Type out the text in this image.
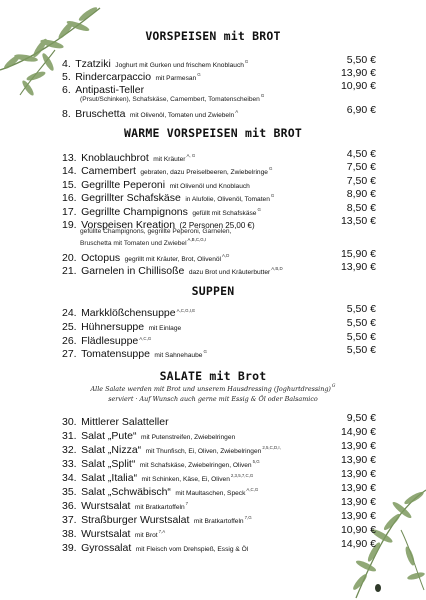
VORSPEISEN mit BROT
4. Tzatziki Joghurt mit Gurken und frischem Knoblauch$^G$	5,50 €
5. Rindercarpaccio mit Parmesan$^G$	13,90 €
6. Antipasti-Teller	10,90 €
(Prsut/Schinken), Schafskäse, Camembert, Tomatenscheiben$^G$
8. Bruschetta mit Olivenöl, Tomaten und Zwiebeln$^A$	6,90 €
WARME VORSPEISEN mit BROT
13. Knoblauchbrot mit Kräuter$^{A, G}$	4,50 €
14. Camembert gebraten, dazu Preiselbeeren, Zwiebelringe$^G$	7,50 €
15. Gegrillte Peperoni mit Olivenöl und Knoblauch	7,50 €
16. Gegrillter Schafskäse in Alufolie, Olivenöl, Tomaten$^G$	8,90 €
17. Gegrillte Champignons gefüllt mit Schafskäse$^G$	8,50 €
19. Vorspeisen Kreation (2 Personen 25,00 €)	13,50 €
gefüllte Champignons, gegrillte Peperoni, Garnelen,
Bruschetta mit Tomaten und Zwiebel$^{A,B,C,G,I}$
20. Octopus gegrillt mit Kräuter, Brot, Olivenöl$^{A,D}$	15,90 €
21. Garnelen in Chillisoße dazu Brot und Kräuterbutter$^{A,B,D}$	13,90 €
SUPPEN
24. Markklößchensuppe$^{A,C,G,I,E}$	5,50 €
25. Hühnersuppe mit Einlage	5,50 €
26. Flädlesuppe$^{A,C,G}$	5,50 €
27. Tomatensuppe mit Sahnehaube$^G$	5,50 €
SALATE mit Brot
Alle Salate werden mit Brot und unserem Hausdressing (Joghurtdressing)$^G$
serviert · Auf Wunsch auch gerne mit Essig & Öl oder Balsamico
30. Mittlerer Salatteller	9,50 €
31. Salat „Pute“ mit Putenstreifen, Zwiebelringen	14,90 €
32. Salat „Nizza“ mit Thunfisch, Ei, Oliven, Zwiebelringen$^{2,5,C,D,I,}$	13,90 €
33. Salat „Split“ mit Schafskäse, Zwiebelringen, Oliven$^{5,G}$	13,90 €
34. Salat „Italia“ mit Schinken, Käse, Ei, Oliven$^{2,3,5,7,C,G}$	13,90 €
35. Salat „Schwäbisch“ mit Maultaschen, Speck$^{A,C,G}$	13,90 €
36. Wurstsalat mit Bratkartoffeln$^7$	13,90 €
37. Straßburger Wurstsalat mit Bratkartoffeln$^{7,G}$	13,90 €
38. Wurstsalat mit Brot$^{7,A}$	10,90 €
39. Gyrossalat mit Fleisch vom Drehspieß, Essig & Öl	14,90 €
